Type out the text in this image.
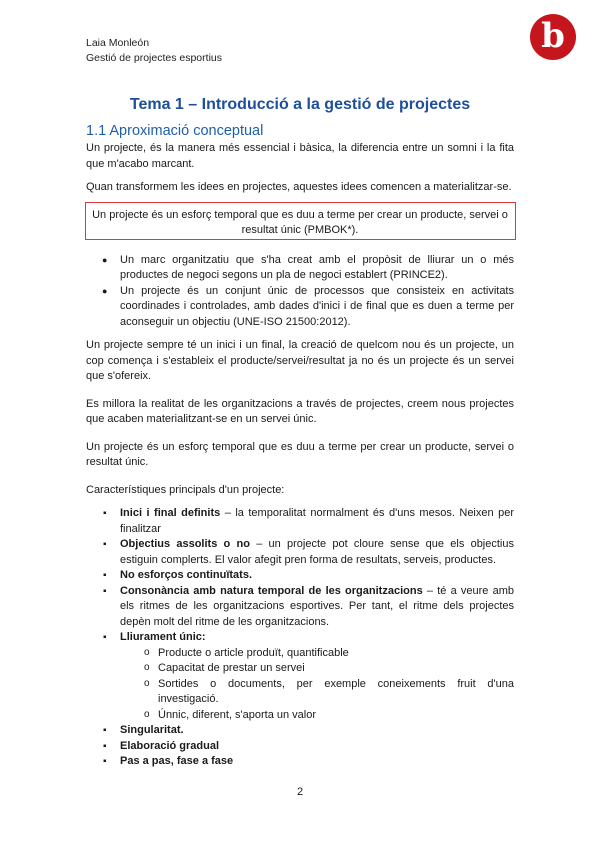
Laia Monleón
Gestió de projectes esportius
b
Tema 1 – Introducció a la gestió de projectes
1.1 Aproximació conceptual

Un projecte, és la manera més essencial i bàsica, la diferencia entre un somni i la fita que m'acabo marcant.

Quan transformem les idees en projectes, aquestes idees comencen a materialitzar-se.

Un projecte és un esforç temporal que es duu a terme per crear un producte, servei o resultat únic (PMBOK*).
● Un marc organitzatiu que s'ha creat amb el propòsit de lliurar un o més productes de negoci segons un pla de negoci establert (PRINCE2).
● Un projecte és un conjunt únic de processos que consisteix en activitats coordinades i controlades, amb dades d'inici i de final que es duen a terme per aconseguir un objectiu (UNE-ISO 21500:2012).

Un projecte sempre té un inici i un final, la creació de quelcom nou és un projecte, un cop comença i s'estableix el producte/servei/resultat ja no és un projecte és un servei que s'ofereix.

Es millora la realitat de les organitzacions a través de projectes, creem nous projectes que acaben materialitzant-se en un servei únic.

Un projecte és un esforç temporal que es duu a terme per crear un producte, servei o resultat únic.

Característiques principals d'un projecte:

▪ Inici i final definits – la temporalitat normalment és d'uns mesos. Neixen per finalitzar
▪ Objectius assolits o no – un projecte pot cloure sense que els objectius estiguin complerts. El valor afegit pren forma de resultats, serveis, productes.
▪ No esforços continuïtats.
▪ Consonància amb natura temporal de les organitzacions – té a veure amb els ritmes de les organitzacions esportives. Per tant, el ritme dels projectes depèn molt del ritme de les organitzacions.
▪ Lliurament únic:
o Producte o article produït, quantificable
o Capacitat de prestar un servei
o Sortides o documents, per exemple coneixements fruit d'una investigació.
o Únnic, diferent, s'aporta un valor
▪ Singularitat.
▪ Elaboració gradual
▪ Pas a pas, fase a fase
2
